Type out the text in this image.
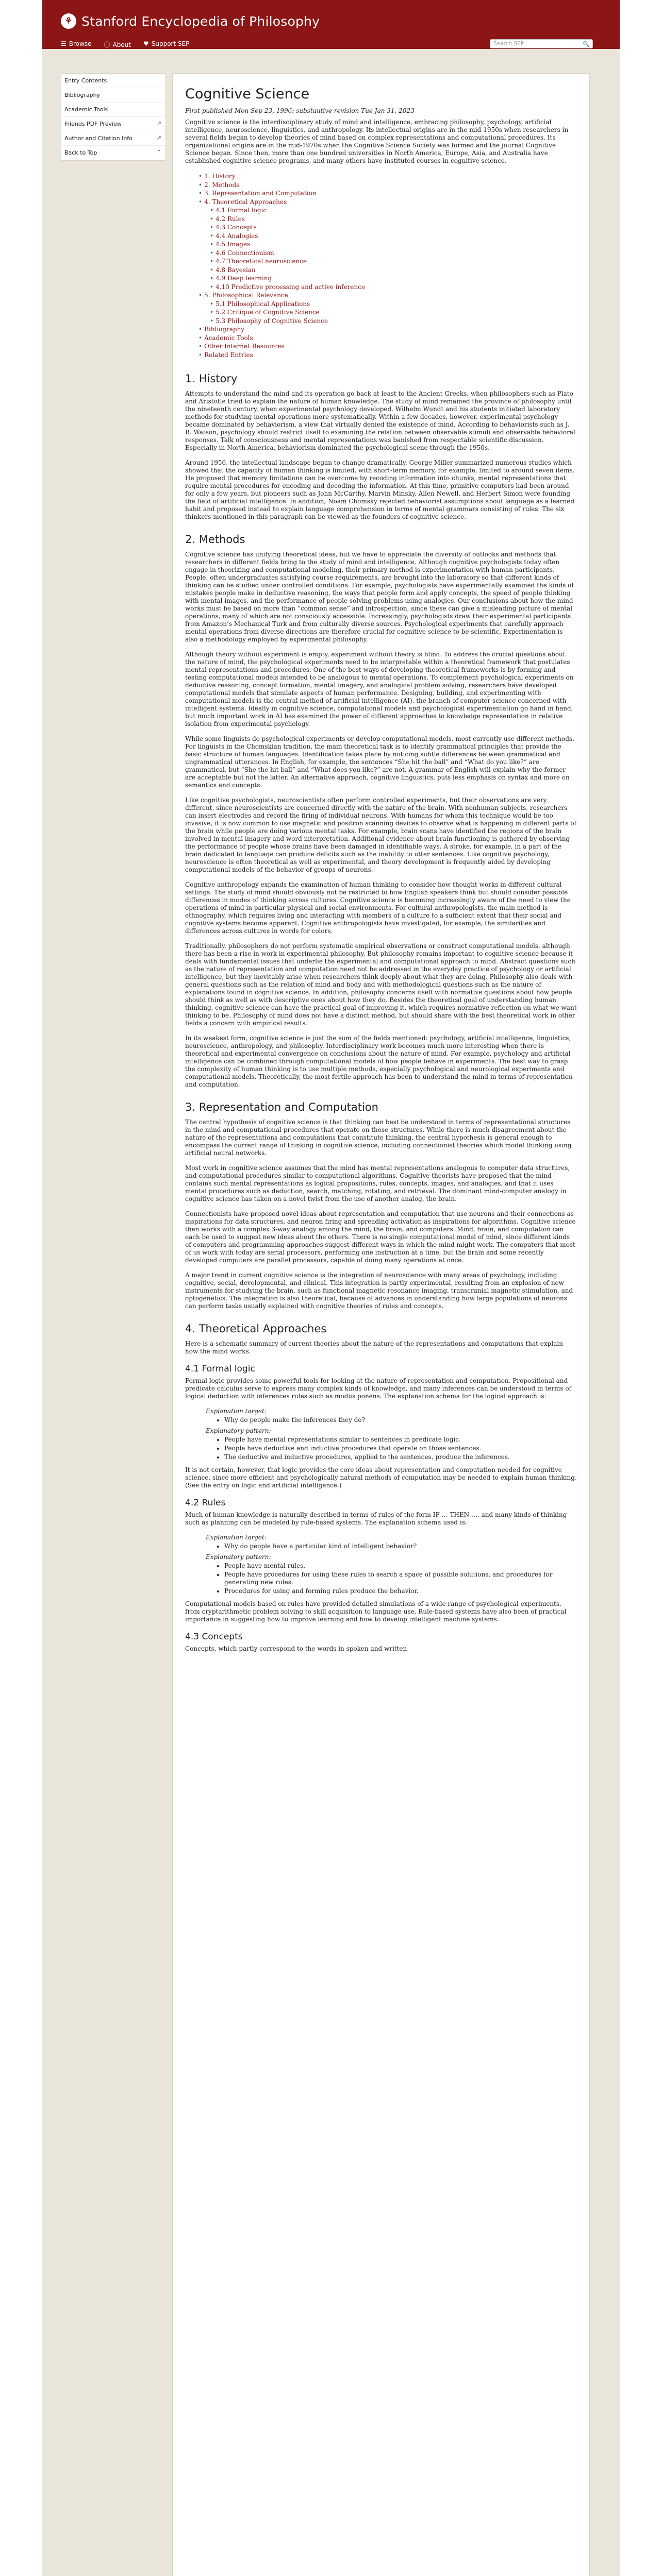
⚘ Stanford Encyclopedia of Philosophy
☰ Browse ⓘ About ♥ Support SEP	Search SEP	🔍
Entry Contents
Bibliography
Academic Tools
Friends PDF Preview	↗
Author and Citation Info	↗
Back to Top	⌃
Cognitive Science
First published Mon Sep 23, 1996; substantive revision Tue Jan 31, 2023

Cognitive science is the interdisciplinary study of mind and intelligence, embracing philosophy, psychology, artificial intelligence, neuroscience, linguistics, and anthropology. Its intellectual origins are in the mid-1950s when researchers in several fields began to develop theories of mind based on complex representations and computational procedures. Its organizational origins are in the mid-1970s when the Cognitive Science Society was formed and the journal Cognitive Science began. Since then, more than one hundred universities in North America, Europe, Asia, and Australia have established cognitive science programs, and many others have instituted courses in cognitive science.

• 1. History
• 2. Methods
• 3. Representation and Computation
• 4. Theoretical Approaches
• 4.1 Formal logic
• 4.2 Rules
• 4.3 Concepts
• 4.4 Analogies
• 4.5 Images
• 4.6 Connectionism
• 4.7 Theoretical neuroscience
• 4.8 Bayesian
• 4.9 Deep learning
• 4.10 Predictive processing and active inference
• 5. Philosophical Relevance
• 5.1 Philosophical Applications
• 5.2 Critique of Cognitive Science
• 5.3 Philosophy of Cognitive Science
• Bibliography
• Academic Tools
• Other Internet Resources
• Related Entries
1. History

Attempts to understand the mind and its operation go back at least to the Ancient Greeks, when philosophers such as Plato and Aristotle tried to explain the nature of human knowledge. The study of mind remained the province of philosophy until the nineteenth century, when experimental psychology developed. Wilhelm Wundt and his students initiated laboratory methods for studying mental operations more systematically. Within a few decades, however, experimental psychology became dominated by behaviorism, a view that virtually denied the existence of mind. According to behaviorists such as J. B. Watson, psychology should restrict itself to examining the relation between observable stimuli and observable behavioral responses. Talk of consciousness and mental representations was banished from respectable scientific discussion. Especially in North America, behaviorism dominated the psychological scene through the 1950s.

Around 1956, the intellectual landscape began to change dramatically. George Miller summarized numerous studies which showed that the capacity of human thinking is limited, with short-term memory, for example, limited to around seven items. He proposed that memory limitations can be overcome by recoding information into chunks, mental representations that require mental procedures for encoding and decoding the information. At this time, primitive computers had been around for only a few years, but pioneers such as John McCarthy, Marvin Minsky, Allen Newell, and Herbert Simon were founding the field of artificial intelligence. In addition, Noam Chomsky rejected behaviorist assumptions about language as a learned habit and proposed instead to explain language comprehension in terms of mental grammars consisting of rules. The six thinkers mentioned in this paragraph can be viewed as the founders of cognitive science.

2. Methods

Cognitive science has unifying theoretical ideas, but we have to appreciate the diversity of outlooks and methods that researchers in different fields bring to the study of mind and intelligence. Although cognitive psychologists today often engage in theorizing and computational modeling, their primary method is experimentation with human participants. People, often undergraduates satisfying course requirements, are brought into the laboratory so that different kinds of thinking can be studied under controlled conditions. For example, psychologists have experimentally examined the kinds of mistakes people make in deductive reasoning, the ways that people form and apply concepts, the speed of people thinking with mental images, and the performance of people solving problems using analogies. Our conclusions about how the mind works must be based on more than “common sense” and introspection, since these can give a misleading picture of mental operations, many of which are not consciously accessible. Increasingly, psychologists draw their experimental participants from Amazon’s Mechanical Turk and from culturally diverse sources. Psychological experiments that carefully approach mental operations from diverse directions are therefore crucial for cognitive science to be scientific. Experimentation is also a methodology employed by experimental philosophy.

Although theory without experiment is empty, experiment without theory is blind. To address the crucial questions about the nature of mind, the psychological experiments need to be interpretable within a theoretical framework that postulates mental representations and procedures. One of the best ways of developing theoretical frameworks is by forming and testing computational models intended to be analogous to mental operations. To complement psychological experiments on deductive reasoning, concept formation, mental imagery, and analogical problem solving, researchers have developed computational models that simulate aspects of human performance. Designing, building, and experimenting with computational models is the central method of artificial intelligence (AI), the branch of computer science concerned with intelligent systems. Ideally in cognitive science, computational models and psychological experimentation go hand in hand, but much important work in AI has examined the power of different approaches to knowledge representation in relative isolation from experimental psychology.

While some linguists do psychological experiments or develop computational models, most currently use different methods. For linguists in the Chomskian tradition, the main theoretical task is to identify grammatical principles that provide the basic structure of human languages. Identification takes place by noticing subtle differences between grammatical and ungrammatical utterances. In English, for example, the sentences “She hit the ball” and “What do you like?” are grammatical, but “She the hit ball” and “What does you like?” are not. A grammar of English will explain why the former are acceptable but not the latter. An alternative approach, cognitive linguistics, puts less emphasis on syntax and more on semantics and concepts.

Like cognitive psychologists, neuroscientists often perform controlled experiments, but their observations are very different, since neuroscientists are concerned directly with the nature of the brain. With nonhuman subjects, researchers can insert electrodes and record the firing of individual neurons. With humans for whom this technique would be too invasive, it is now common to use magnetic and positron scanning devices to observe what is happening in different parts of the brain while people are doing various mental tasks. For example, brain scans have identified the regions of the brain involved in mental imagery and word interpretation. Additional evidence about brain functioning is gathered by observing the performance of people whose brains have been damaged in identifiable ways. A stroke, for example, in a part of the brain dedicated to language can produce deficits such as the inability to utter sentences. Like cognitive psychology, neuroscience is often theoretical as well as experimental, and theory development is frequently aided by developing computational models of the behavior of groups of neurons.

Cognitive anthropology expands the examination of human thinking to consider how thought works in different cultural settings. The study of mind should obviously not be restricted to how English speakers think but should consider possible differences in modes of thinking across cultures. Cognitive science is becoming increasingly aware of the need to view the operations of mind in particular physical and social environments. For cultural anthropologists, the main method is ethnography, which requires living and interacting with members of a culture to a sufficient extent that their social and cognitive systems become apparent. Cognitive anthropologists have investigated, for example, the similarities and differences across cultures in words for colors.

Traditionally, philosophers do not perform systematic empirical observations or construct computational models, although there has been a rise in work in experimental philosophy. But philosophy remains important to cognitive science because it deals with fundamental issues that underlie the experimental and computational approach to mind. Abstract questions such as the nature of representation and computation need not be addressed in the everyday practice of psychology or artificial intelligence, but they inevitably arise when researchers think deeply about what they are doing. Philosophy also deals with general questions such as the relation of mind and body and with methodological questions such as the nature of explanations found in cognitive science. In addition, philosophy concerns itself with normative questions about how people should think as well as with descriptive ones about how they do. Besides the theoretical goal of understanding human thinking, cognitive science can have the practical goal of improving it, which requires normative reflection on what we want thinking to be. Philosophy of mind does not have a distinct method, but should share with the best theoretical work in other fields a concern with empirical results.

In its weakest form, cognitive science is just the sum of the fields mentioned: psychology, artificial intelligence, linguistics, neuroscience, anthropology, and philosophy. Interdisciplinary work becomes much more interesting when there is theoretical and experimental convergence on conclusions about the nature of mind. For example, psychology and artificial intelligence can be combined through computational models of how people behave in experiments. The best way to grasp the complexity of human thinking is to use multiple methods, especially psychological and neurological experiments and computational models. Theoretically, the most fertile approach has been to understand the mind in terms of representation and computation.

3. Representation and Computation

The central hypothesis of cognitive science is that thinking can best be understood in terms of representational structures in the mind and computational procedures that operate on those structures. While there is much disagreement about the nature of the representations and computations that constitute thinking, the central hypothesis is general enough to encompass the current range of thinking in cognitive science, including connectionist theories which model thinking using artificial neural networks.

Most work in cognitive science assumes that the mind has mental representations analogous to computer data structures, and computational procedures similar to computational algorithms. Cognitive theorists have proposed that the mind contains such mental representations as logical propositions, rules, concepts, images, and analogies, and that it uses mental procedures such as deduction, search, matching, rotating, and retrieval. The dominant mind-computer analogy in cognitive science has taken on a novel twist from the use of another analog, the brain.

Connectionists have proposed novel ideas about representation and computation that use neurons and their connections as inspirations for data structures, and neuron firing and spreading activation as inspirations for algorithms. Cognitive science then works with a complex 3-way analogy among the mind, the brain, and computers. Mind, brain, and computation can each be used to suggest new ideas about the others. There is no single computational model of mind, since different kinds of computers and programming approaches suggest different ways in which the mind might work. The computers that most of us work with today are serial processors, performing one instruction at a time, but the brain and some recently developed computers are parallel processors, capable of doing many operations at once.

A major trend in current cognitive science is the integration of neuroscience with many areas of psychology, including cognitive, social, developmental, and clinical. This integration is partly experimental, resulting from an explosion of new instruments for studying the brain, such as functional magnetic resonance imaging, transcranial magnetic stimulation, and optogenetics. The integration is also theoretical, because of advances in understanding how large populations of neurons can perform tasks usually explained with cognitive theories of rules and concepts.

4. Theoretical Approaches

Here is a schematic summary of current theories about the nature of the representations and computations that explain how the mind works.

4.1 Formal logic

Formal logic provides some powerful tools for looking at the nature of representation and computation. Propositional and predicate calculus serve to express many complex kinds of knowledge, and many inferences can be understood in terms of logical deduction with inferences rules such as modus ponens. The explanation schema for the logical approach is:

Explanation target:
• Why do people make the inferences they do?
Explanatory pattern:
• People have mental representations similar to sentences in predicate logic.
• People have deductive and inductive procedures that operate on those sentences.
• The deductive and inductive procedures, applied to the sentences, produce the inferences.

It is not certain, however, that logic provides the core ideas about representation and computation needed for cognitive science, since more efficient and psychologically natural methods of computation may be needed to explain human thinking. (See the entry on logic and artificial intelligence.)

4.2 Rules

Much of human knowledge is naturally described in terms of rules of the form IF … THEN …, and many kinds of thinking such as planning can be modeled by rule-based systems. The explanation schema used is:

Explanation target:
• Why do people have a particular kind of intelligent behavior?
Explanatory pattern:
• People have mental rules.
• People have procedures for using these rules to search a space of possible solutions, and procedures for generating new rules.
• Procedures for using and forming rules produce the behavior.

Computational models based on rules have provided detailed simulations of a wide range of psychological experiments, from cryptarithmetic problem solving to skill acquisition to language use. Rule-based systems have also been of practical importance in suggesting how to improve learning and how to develop intelligent machine systems.

4.3 Concepts

Concepts, which partly correspond to the words in spoken and written
